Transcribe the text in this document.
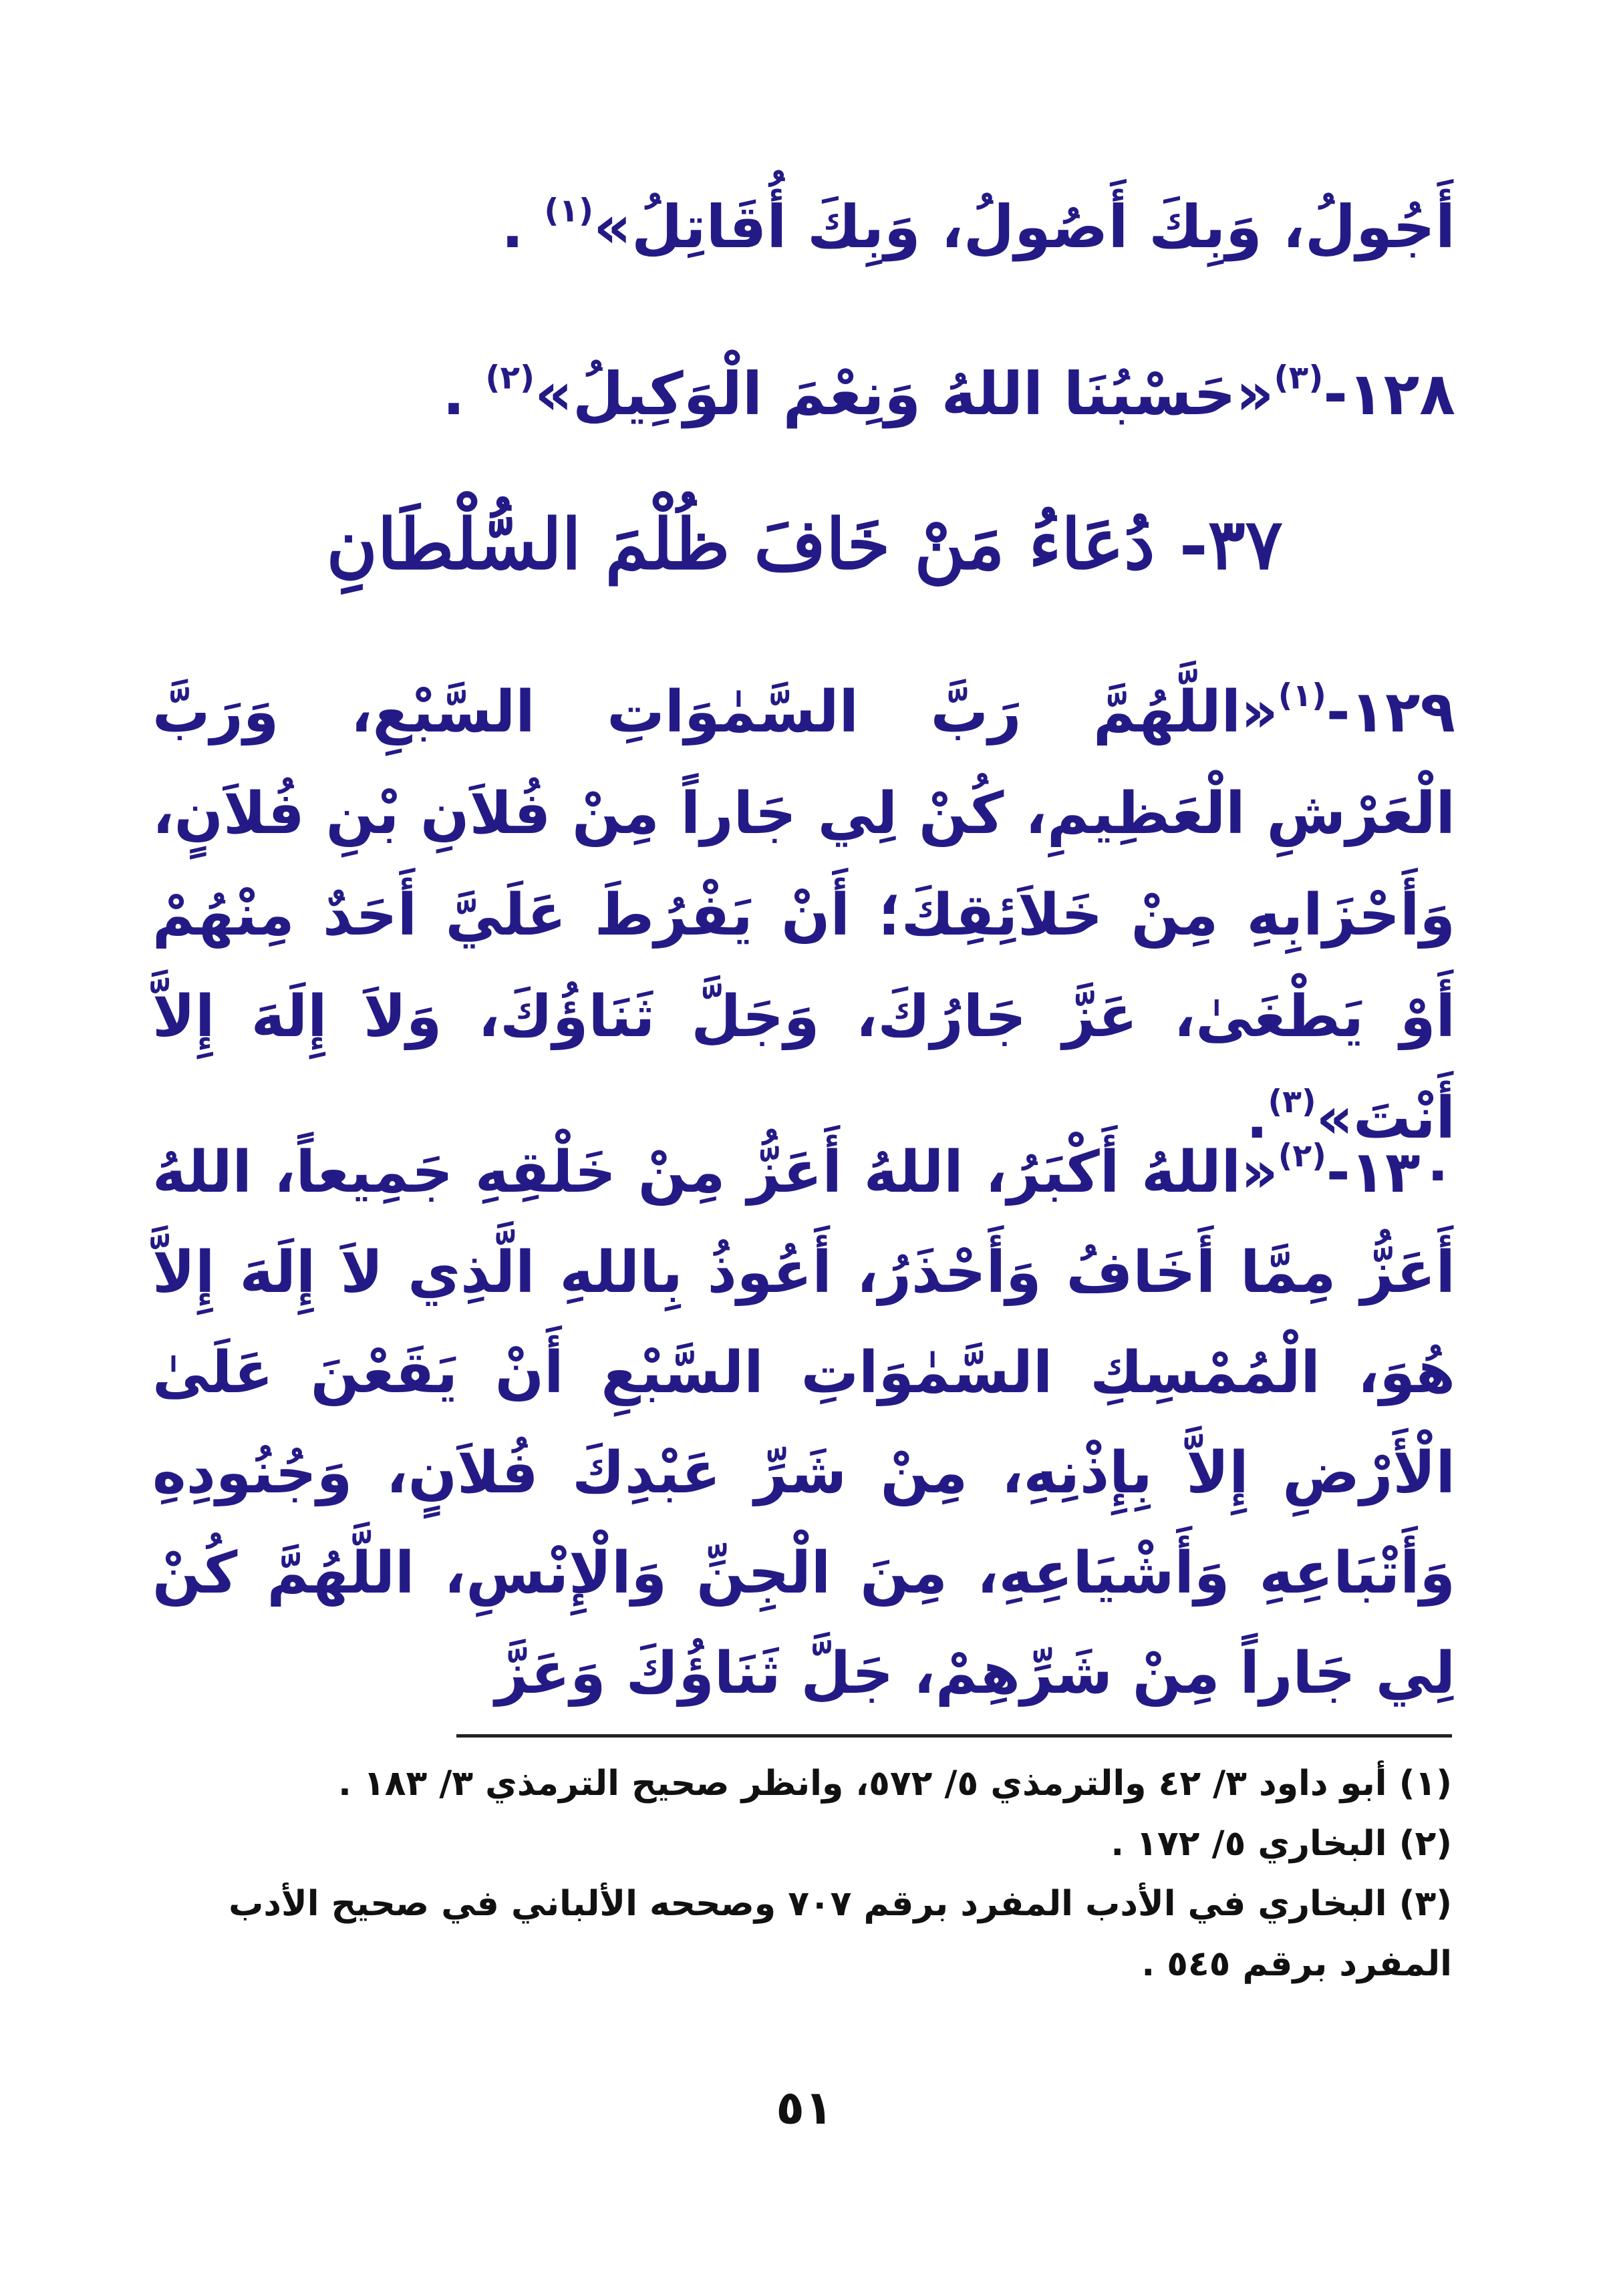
أَجُولُ، وَبِكَ أَصُولُ، وَبِكَ أُقَاتِلُ»$^{(١)}$ .
١٢٨-$^{(٣)}$«حَسْبُنَا اللهُ وَنِعْمَ الْوَكِيلُ»$^{(٢)}$ .
٣٧- دُعَاءُ مَنْ خَافَ ظُلْمَ السُّلْطَانِ
١٢٩-$^{(١)}$«اللَّهُمَّ رَبَّ السَّمٰوَاتِ السَّبْعِ، وَرَبَّ الْعَرْشِ الْعَظِيمِ، كُنْ لِي جَاراً مِنْ فُلاَنِ بْنِ فُلاَنٍ، وَأَحْزَابِهِ مِنْ خَلاَئِقِكَ؛ أَنْ يَفْرُطَ عَلَيَّ أَحَدٌ مِنْهُمْ أَوْ يَطْغَىٰ، عَزَّ جَارُكَ، وَجَلَّ ثَنَاؤُكَ، وَلاَ إِلَهَ إِلاَّ أَنْتَ»$^{(٣)}$.
١٣٠-$^{(٢)}$«اللهُ أَكْبَرُ، اللهُ أَعَزُّ مِنْ خَلْقِهِ جَمِيعاً، اللهُ أَعَزُّ مِمَّا أَخَافُ وَأَحْذَرُ، أَعُوذُ بِاللهِ الَّذِي لاَ إِلَهَ إِلاَّ هُوَ، الْمُمْسِكِ السَّمٰوَاتِ السَّبْعِ أَنْ يَقَعْنَ عَلَىٰ الْأَرْضِ إِلاَّ بِإِذْنِهِ، مِنْ شَرِّ عَبْدِكَ فُلاَنٍ، وَجُنُودِهِ وَأَتْبَاعِهِ وَأَشْيَاعِهِ، مِنَ الْجِنِّ وَالْإِنْسِ، اللَّهُمَّ كُنْ لِي جَاراً مِنْ شَرِّهِمْ، جَلَّ ثَنَاؤُكَ وَعَزَّ

(١) أبو داود ٣/ ٤٢ والترمذي ٥/ ٥٧٢، وانظر صحيح الترمذي ٣/ ١٨٣ .

(٢) البخاري ٥/ ١٧٢ .

(٣) البخاري في الأدب المفرد برقم ٧٠٧ وصححه الألباني في صحيح الأدب المفرد برقم ٥٤٥ .

٥١
